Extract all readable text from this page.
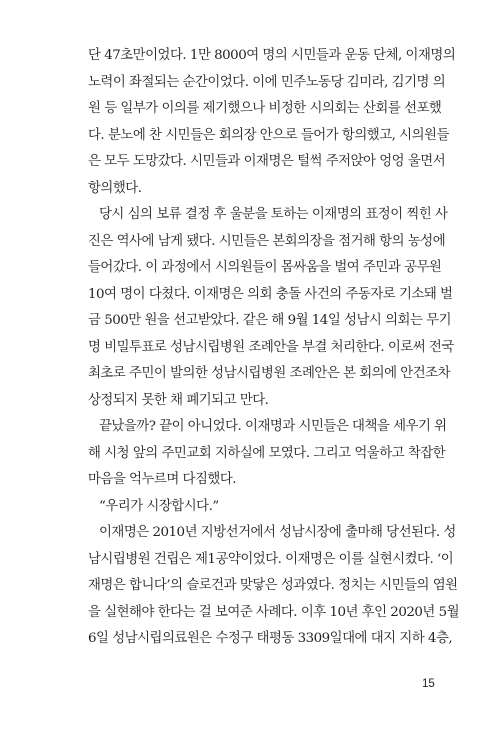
단 47초만이었다. 1만 8000여 명의 시민들과 운동 단체, 이재명의
노력이 좌절되는 순간이었다. 이에 민주노동당 김미라, 김기명 의
원 등 일부가 이의를 제기했으나 비정한 시의회는 산회를 선포했
다. 분노에 찬 시민들은 회의장 안으로 들어가 항의했고, 시의원들
은 모두 도망갔다. 시민들과 이재명은 털썩 주저앉아 엉엉 울면서
항의했다.
당시 심의 보류 결정 후 울분을 토하는 이재명의 표정이 찍힌 사
진은 역사에 남게 됐다. 시민들은 본회의장을 점거해 항의 농성에
들어갔다. 이 과정에서 시의원들이 몸싸움을 벌여 주민과 공무원
10여 명이 다쳤다. 이재명은 의회 충돌 사건의 주동자로 기소돼 벌
금 500만 원을 선고받았다. 같은 해 9월 14일 성남시 의회는 무기
명 비밀투표로 성남시립병원 조례안을 부결 처리한다. 이로써 전국
최초로 주민이 발의한 성남시립병원 조례안은 본 회의에 안건조차
상정되지 못한 채 폐기되고 만다.
끝났을까? 끝이 아니었다. 이재명과 시민들은 대책을 세우기 위
해 시청 앞의 주민교회 지하실에 모였다. 그리고 억울하고 착잡한
마음을 억누르며 다짐했다.
“우리가 시장합시다.”
이재명은 2010년 지방선거에서 성남시장에 출마해 당선된다. 성
남시립병원 건립은 제1공약이었다. 이재명은 이를 실현시켰다. ‘이
재명은 합니다’의 슬로건과 맞닿은 성과였다. 정치는 시민들의 염원
을 실현해야 한다는 걸 보여준 사례다. 이후 10년 후인 2020년 5월
6일 성남시립의료원은 수정구 태평동 3309일대에 대지 지하 4층,
15
